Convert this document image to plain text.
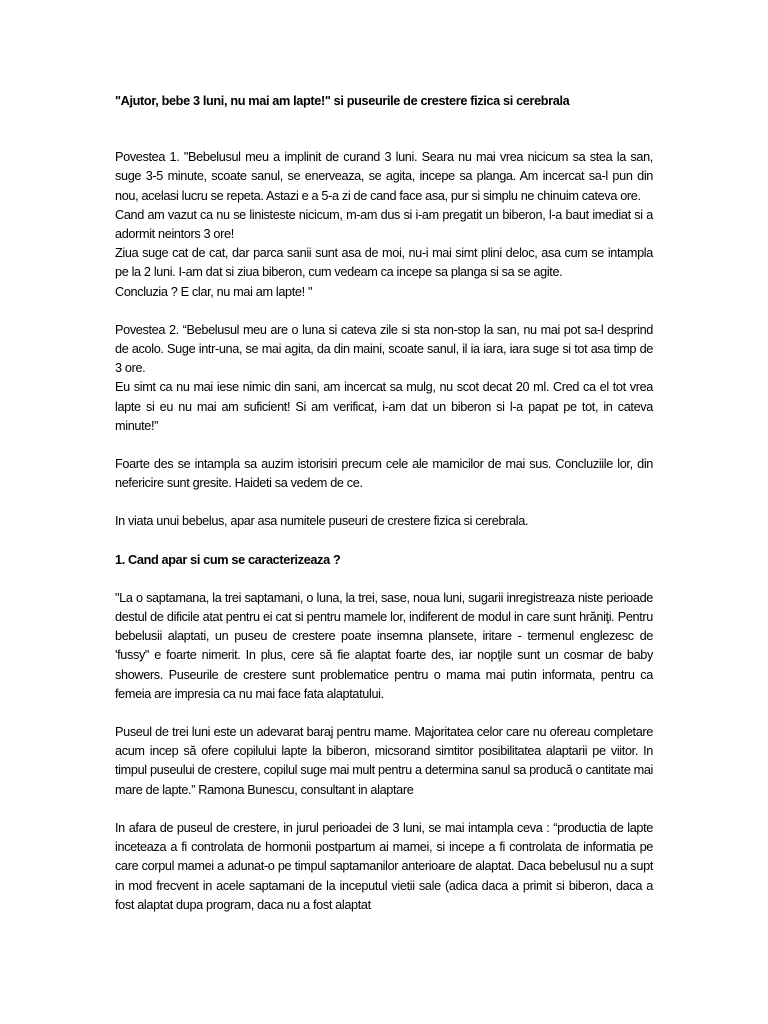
"Ajutor, bebe 3 luni, nu mai am lapte!" si puseurile de crestere fizica si cerebrala
Povestea 1. "Bebelusul meu a implinit de curand 3 luni. Seara nu mai vrea nicicum sa stea la san, suge 3-5 minute, scoate sanul, se enerveaza, se agita, incepe sa planga. Am incercat sa-l pun din nou, acelasi lucru se repeta. Astazi e a 5-a zi de cand face asa, pur si simplu ne chinuim cateva ore.
Cand am vazut ca nu se linisteste nicicum, m-am dus si i-am pregatit un biberon, l-a baut imediat si a adormit neintors 3 ore!
Ziua suge cat de cat, dar parca sanii sunt asa de moi, nu-i mai simt plini deloc, asa cum se intampla pe la 2 luni. I-am dat si ziua biberon, cum vedeam ca incepe sa planga si sa se agite.
Concluzia ? E clar, nu mai am lapte! "
Povestea 2. “Bebelusul meu are o luna si cateva zile si sta non-stop la san, nu mai pot sa-l desprind de acolo. Suge intr-una, se mai agita, da din maini, scoate sanul, il ia iara, iara suge si tot asa timp de 3 ore.
Eu simt ca nu mai iese nimic din sani, am incercat sa mulg, nu scot decat 20 ml. Cred ca el tot vrea lapte si eu nu mai am suficient! Si am verificat, i-am dat un biberon si l-a papat pe tot, in cateva minute!”
Foarte des se intampla sa auzim istorisiri precum cele ale mamicilor de mai sus. Concluziile lor, din nefericire sunt gresite. Haideti sa vedem de ce.
In viata unui bebelus, apar asa numitele puseuri de crestere fizica si cerebrala.
1. Cand apar si cum se caracterizeaza ?
"La o saptamana, la trei saptamani, o luna, la trei, sase, noua luni, sugarii inregistreaza niste perioade destul de dificile atat pentru ei cat si pentru mamele lor, indiferent de modul in care sunt hrăniţi. Pentru bebelusii alaptati, un puseu de crestere poate insemna plansete, iritare - termenul englezesc de 'fussy" e foarte nimerit. In plus, cere să fie alaptat foarte des, iar nopţile sunt un cosmar de baby showers. Puseurile de crestere sunt problematice pentru o mama mai putin informata, pentru ca femeia are impresia ca nu mai face fata alaptatului.
Puseul de trei luni este un adevarat baraj pentru mame. Majoritatea celor care nu ofereau completare acum incep să ofere copilului lapte la biberon, micsorand simtitor posibilitatea alaptarii pe viitor. In timpul puseului de crestere, copilul suge mai mult pentru a determina sanul sa producă o cantitate mai mare de lapte.” Ramona Bunescu, consultant in alaptare
In afara de puseul de crestere, in jurul perioadei de 3 luni, se mai intampla ceva : “productia de lapte inceteaza a fi controlata de hormonii postpartum ai mamei, si incepe a fi controlata de informatia pe care corpul mamei a adunat-o pe timpul saptamanilor anterioare de alaptat. Daca bebelusul nu a supt in mod frecvent in acele saptamani de la inceputul vietii sale (adica daca a primit si biberon, daca a fost alaptat dupa program, daca nu a fost alaptat
